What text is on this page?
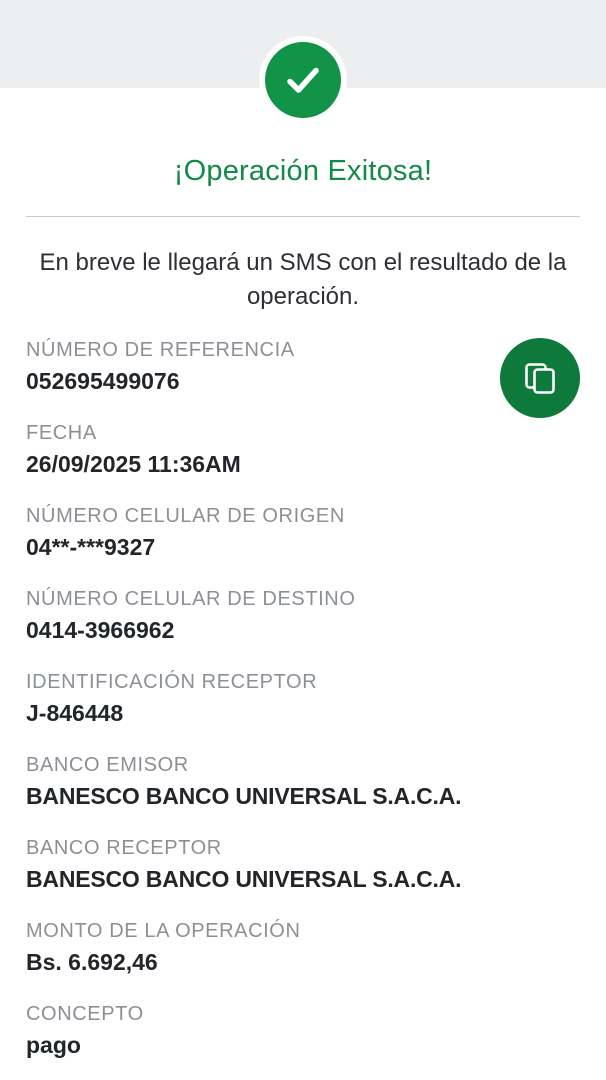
¡Operación Exitosa!
En breve le llegará un SMS con el resultado de la operación.
NÚMERO DE REFERENCIA
052695499076
FECHA
26/09/2025 11:36AM
NÚMERO CELULAR DE ORIGEN
04**-***9327
NÚMERO CELULAR DE DESTINO
0414-3966962
IDENTIFICACIÓN RECEPTOR
J-846448
BANCO EMISOR
BANESCO BANCO UNIVERSAL S.A.C.A.
BANCO RECEPTOR
BANESCO BANCO UNIVERSAL S.A.C.A.
MONTO DE LA OPERACIÓN
Bs. 6.692,46
CONCEPTO
pago
